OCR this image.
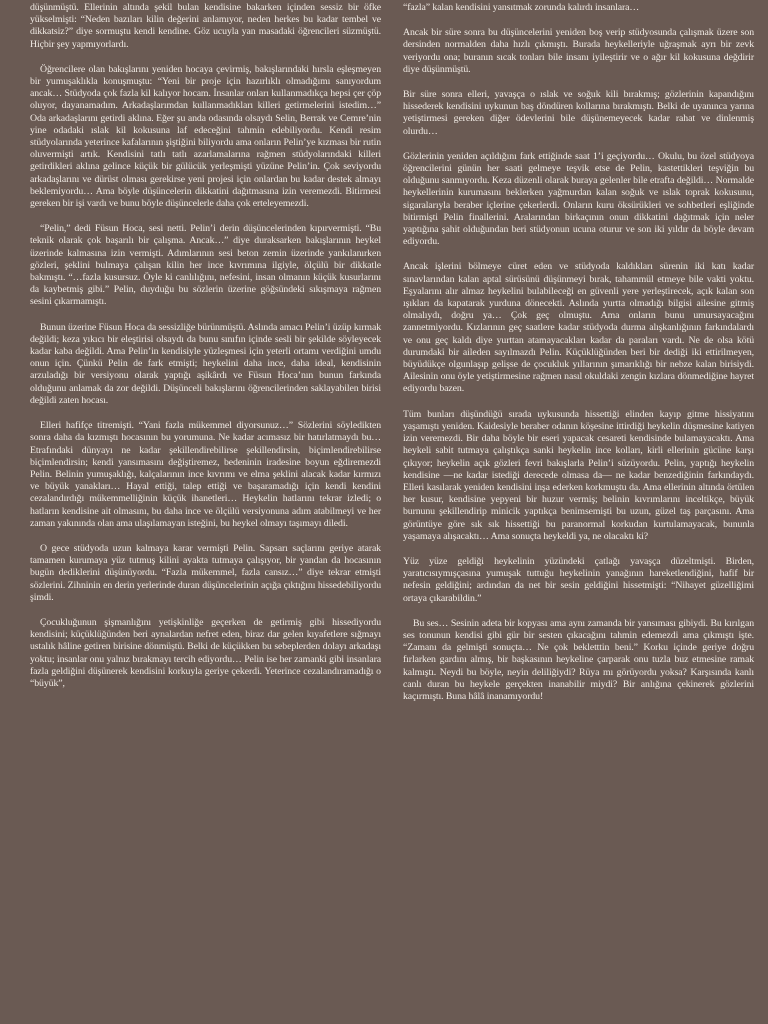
düşünmüştü. Ellerinin altında şekil bulan kendisine bakarken içinden sessiz bir öfke yükselmişti: “Neden bazıları kilin değerini anlamıyor, neden herkes bu kadar tembel ve dikkatsiz?” diye sormuştu kendi kendine. Göz ucuyla yan masadaki öğrencileri süzmüştü. Hiçbir şey yapmıyorlardı.

Öğrencilere olan bakışlarını yeniden hocaya çevirmiş, bakışlarındaki hırsla eşleşmeyen bir yumuşaklıkla konuşmuştu: “Yeni bir proje için hazırlıklı olmadığımı sanıyordum ancak… Stüdyoda çok fazla kil kalıyor hocam. İnsanlar onları kullanmadıkça hepsi çer çöp oluyor, dayanamadım. Arkadaşlarımdan kullanmadıkları killeri getirmelerini istedim…” Oda arkadaşlarını getirdi aklına. Eğer şu anda odasında olsaydı Selin, Berrak ve Cemre’nin yine odadaki ıslak kil kokusuna laf edeceğini tahmin edebiliyordu. Kendi resim stüdyolarında yeterince kafalarının şiştiğini biliyordu ama onların Pelin’ye kızması bir rutin oluvermişti artık. Kendisini tatlı tatlı azarlamalarına rağmen stüdyolarındaki killeri getirdikleri aklına gelince küçük bir gülücük yerleşmişti yüzüne Pelin’in. Çok seviyordu arkadaşlarını ve dürüst olması gerekirse yeni projesi için onlardan bu kadar destek almayı beklemiyordu… Ama böyle düşüncelerin dikkatini dağıtmasına izin veremezdi. Bitirmesi gereken bir işi vardı ve bunu böyle düşüncelerle daha çok erteleyemezdi.

“Pelin,” dedi Füsun Hoca, sesi netti. Pelin’i derin düşüncelerinden kıpırvermişti. “Bu teknik olarak çok başarılı bir çalışma. Ancak…” diye duraksarken bakışlarının heykel üzerinde kalmasına izin vermişti. Adımlarının sesi beton zemin üzerinde yankılanırken gözleri, şeklini bulmaya çalışan kilin her ince kıvrımına ilgiyle, ölçülü bir dikkatle bakmıştı. “…fazla kusursuz. Öyle ki canlılığını, nefesini, insan olmanın küçük kusurlarını da kaybetmiş gibi.” Pelin, duyduğu bu sözlerin üzerine göğsündeki sıkışmaya rağmen sesini çıkarmamıştı.

Bunun üzerine Füsun Hoca da sessizliğe bürünmüştü. Aslında amacı Pelin’i üzüp kırmak değildi; keza yıkıcı bir eleştirisi olsaydı da bunu sınıfın içinde sesli bir şekilde söyleyecek kadar kaba değildi. Ama Pelin’in kendisiyle yüzleşmesi için yeterli ortamı verdiğini umdu onun için. Çünkü Pelin de fark etmişti; heykelini daha ince, daha ideal, kendisinin arzuladığı bir versiyonu olarak yaptığı aşikârdı ve Füsun Hoca’nın bunun farkında olduğunu anlamak da zor değildi. Düşünceli bakışlarını öğrencilerinden saklayabilen birisi değildi zaten hocası.

Elleri hafifçe titremişti. “Yani fazla mükemmel diyorsunuz…” Sözlerini söyledikten sonra daha da kızmıştı hocasının bu yorumuna. Ne kadar acımasız bir hatırlatmaydı bu… Etrafındaki dünyayı ne kadar şekillendirebilirse şekillendirsin, biçimlendirebilirse biçimlendirsin; kendi yansımasını değiştiremez, bedeninin iradesine boyun eğdiremezdi Pelin. Belinin yumuşaklığı, kalçalarının ince kıvrımı ve elma şeklini alacak kadar kırmızı ve büyük yanakları… Hayal ettiği, talep ettiği ve başaramadığı için kendi kendini cezalandırdığı mükemmelliğinin küçük ihanetleri… Heykelin hatlarını tekrar izledi; o hatların kendisine ait olmasını, bu daha ince ve ölçülü versiyonuna adım atabilmeyi ve her zaman yakınında olan ama ulaşılamayan isteğini, bu heykel olmayı taşımayı diledi.

O gece stüdyoda uzun kalmaya karar vermişti Pelin. Sapsarı saçlarını geriye atarak tamamen kurumaya yüz tutmuş kilini ayakta tutmaya çalışıyor, bir yandan da hocasının bugün dediklerini düşünüyordu. “Fazla mükemmel, fazla cansız…” diye tekrar etmişti sözlerini. Zihninin en derin yerlerinde duran düşüncelerinin açığa çıktığını hissedebiliyordu şimdi.

Çocukluğunun şişmanlığını yetişkinliğe geçerken de getirmiş gibi hissediyordu kendisini; küçüklüğünden beri aynalardan nefret eden, biraz dar gelen kıyafetlere sığmayı ustalık hâline getiren birisine dönmüştü. Belki de küçükken bu sebeplerden dolayı arkadaşı yoktu; insanlar onu yalnız bırakmayı tercih ediyordu… Pelin ise her zamanki gibi insanlara fazla geldiğini düşünerek kendisini korkuyla geriye çekerdi. Yeterince cezalandıramadığı o “büyük”,

“fazla” kalan kendisini yansıtmak zorunda kalırdı insanlara…

Ancak bir süre sonra bu düşüncelerini yeniden boş verip stüdyosunda çalışmak üzere son dersinden normalden daha hızlı çıkmıştı. Burada heykelleriyle uğraşmak ayrı bir zevk veriyordu ona; buranın sıcak tonları bile insanı iyileştirir ve o ağır kil kokusuna değdirir diye düşünmüştü.

Bir süre sonra elleri, yavaşça o ıslak ve soğuk kili bırakmış; gözlerinin kapandığını hissederek kendisini uykunun baş döndüren kollarına bırakmıştı. Belki de uyanınca yarına yetiştirmesi gereken diğer ödevlerini bile düşünemeyecek kadar rahat ve dinlenmiş olurdu…

Gözlerinin yeniden açıldığını fark ettiğinde saat 1’i geçiyordu… Okulu, bu özel stüdyoya öğrencilerini günün her saati gelmeye teşvik etse de Pelin, kastettikleri teşviğin bu olduğunu sanmıyordu. Keza düzenli olarak buraya gelenler bile etrafta değildi… Normalde heykellerinin kurumasını beklerken yağmurdan kalan soğuk ve ıslak toprak kokusunu, sigaralarıyla beraber içlerine çekerlerdi. Onların kuru öksürükleri ve sohbetleri eşliğinde bitirmişti Pelin finallerini. Aralarından birkaçının onun dikkatini dağıtmak için neler yaptığına şahit olduğundan beri stüdyonun ucuna oturur ve son iki yıldır da böyle devam ediyordu.

Ancak işlerini bölmeye cüret eden ve stüdyoda kaldıkları sürenin iki katı kadar sınavlarından kalan aptal sürüsünü düşünmeyi bırak, tahammül etmeye bile vakti yoktu. Eşyalarını alır almaz heykelini bulabileceği en güvenli yere yerleştirecek, açık kalan son ışıkları da kapatarak yurduna dönecekti. Aslında yurtta olmadığı bilgisi ailesine gitmiş olmalıydı, doğru ya… Çok geç olmuştu. Ama onların bunu umursayacağını zannetmiyordu. Kızlarının geç saatlere kadar stüdyoda durma alışkanlığının farkındalardı ve onu geç kaldı diye yurttan atamayacakları kadar da paraları vardı. Ne de olsa kötü durumdaki bir aileden sayılmazdı Pelin. Küçüklüğünden beri bir dediği iki ettirilmeyen, büyüdükçe olgunlaşıp gelişse de çocukluk yıllarının şımarıklığı bir nebze kalan birisiydi. Ailesinin onu öyle yetiştirmesine rağmen nasıl okuldaki zengin kızlara dönmediğine hayret ediyordu bazen.

Tüm bunları düşündüğü sırada uykusunda hissettiği elinden kayıp gitme hissiyatını yaşamıştı yeniden. Kaidesiyle beraber odanın köşesine ittirdiği heykelin düşmesine katiyen izin veremezdi. Bir daha böyle bir eseri yapacak cesareti kendisinde bulamayacaktı. Ama heykeli sabit tutmaya çalıştıkça sanki heykelin ince kolları, kirli ellerinin gücüne karşı çıkıyor; heykelin açık gözleri fevri bakışlarla Pelin’i süzüyordu. Pelin, yaptığı heykelin kendisine —ne kadar istediği derecede olmasa da— ne kadar benzediğinin farkındaydı. Elleri kasılarak yeniden kendisini inşa ederken korkmuştu da. Ama ellerinin altında örtülen her kusur, kendisine yepyeni bir huzur vermiş; belinin kıvrımlarını inceltikçe, büyük burnunu şekillendirip minicik yaptıkça benimsemişti bu uzun, güzel taş parçasını. Ama görüntüye göre sık sık hissettiği bu paranormal korkudan kurtulamayacak, bununla yaşamaya alışacaktı… Ama sonuçta heykeldi ya, ne olacaktı ki?

Yüz yüze geldiği heykelinin yüzündeki çatlağı yavaşça düzeltmişti. Birden, yaratıcısıymışçasına yumuşak tuttuğu heykelinin yanağının hareketlendiğini, hafif bir nefesin geldiğini; ardından da net bir sesin geldiğini hissetmişti: “Nihayet güzelliğimi ortaya çıkarabildin.”

Bu ses… Sesinin adeta bir kopyası ama aynı zamanda bir yansıması gibiydi. Bu kırılgan ses tonunun kendisi gibi gür bir sesten çıkacağını tahmin edemezdi ama çıkmıştı işte. “Zamanı da gelmişti sonuçta… Ne çok bekletttin beni.” Korku içinde geriye doğru fırlarken gardını almış, bir başkasının heykeline çarparak onu tuzla buz etmesine ramak kalmıştı. Neydi bu böyle, neyin deliliğiydi? Rüya mı görüyordu yoksa? Karşısında kanlı canlı duran bu heykele gerçekten inanabilir miydi? Bir anlığına çekinerek gözlerini kaçırmıştı. Buna hâlâ inanamıyordu!
